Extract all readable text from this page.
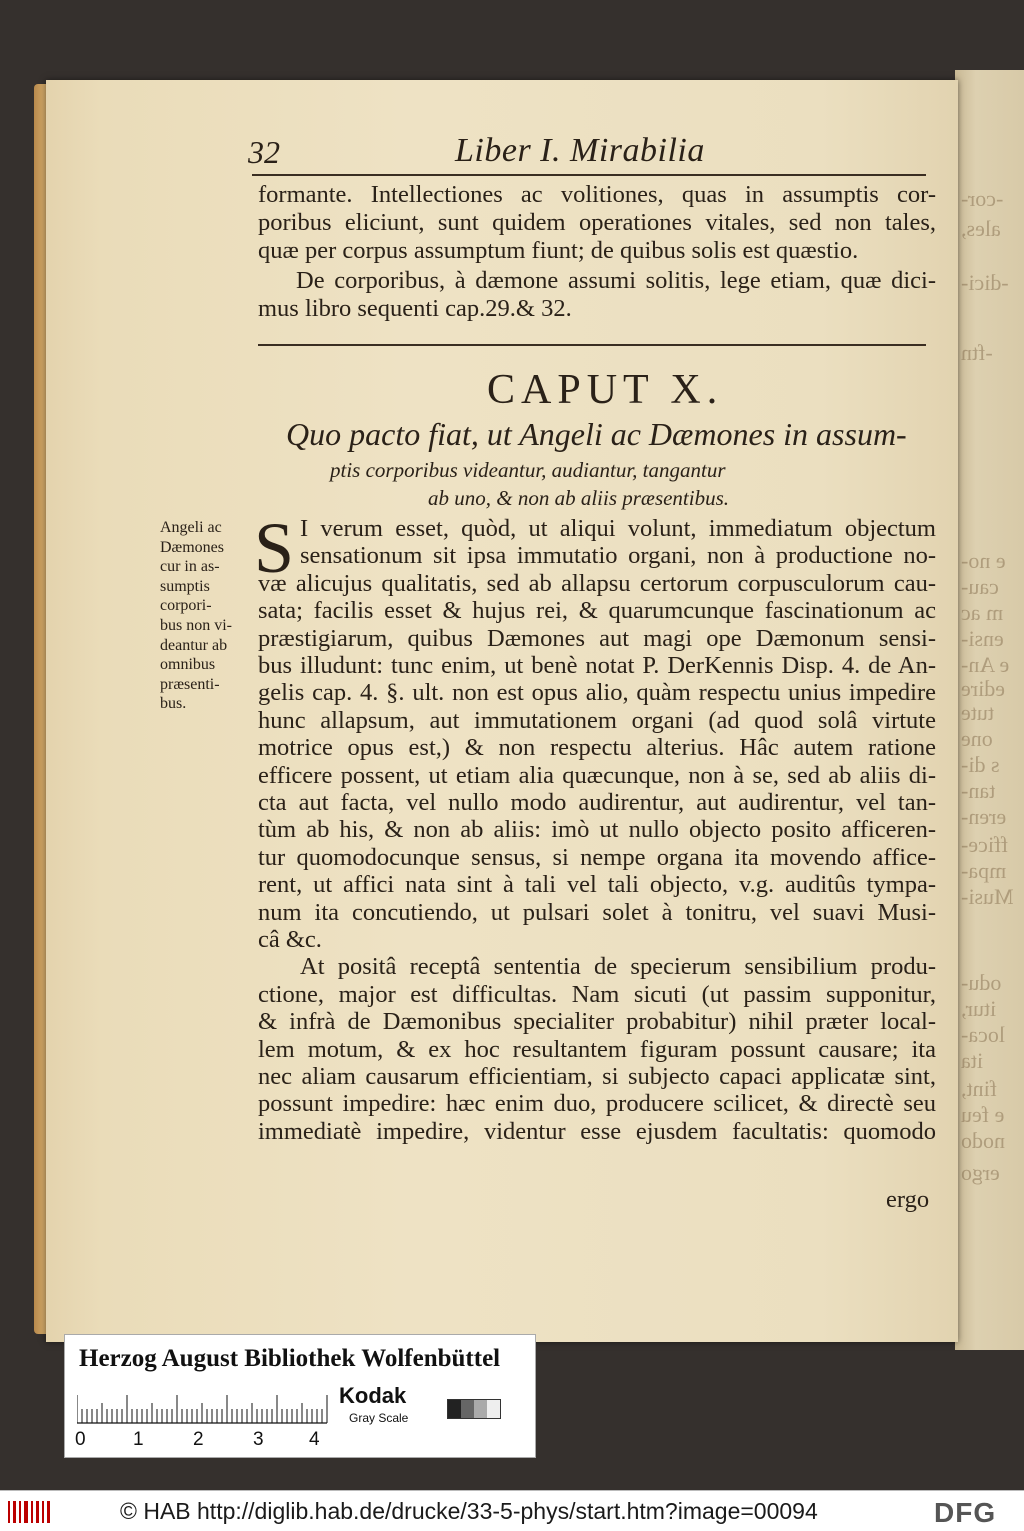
-cor-
ales,
-dici-
-ftn
e no-
cau-
m ac
ensi-
e An-
edire
tute
one
s di-
tan-
eren-
ffice-
mpa-
Musi-
odu-
itur,
loca-
ita
fint,
e feu
nodo
ergo
32	Liber I. Mirabilia
formante. Intellectiones ac volitiones, quas in assumptis cor-
poribus eliciunt, sunt quidem operationes vitales, sed non tales,
quæ per corpus assumptum fiunt; de quibus solis est quæstio.
De corporibus, à dæmone assumi solitis, lege etiam, quæ dici-
mus libro sequenti cap.29.& 32.
CAPUT X.
Quo pacto fiat, ut Angeli ac Dæmones in assum-
ptis corporibus videantur, audiantur, tangantur
ab uno, & non ab aliis præsentibus.
Angeli ac
Dæmones
cur in as-
sumptis
corpori-
bus non vi-
deantur ab
omnibus
præsenti-
bus.
S I verum esset, quòd, ut aliqui volunt, immediatum objectum
sensationum sit ipsa immutatio organi, non à productione no-
væ alicujus qualitatis, sed ab allapsu certorum corpusculorum cau-
sata; facilis esset & hujus rei, & quarumcunque fascinationum ac
præstigiarum, quibus Dæmones aut magi ope Dæmonum sensi-
bus illudunt: tunc enim, ut benè notat P. DerKennis Disp. 4. de An-
gelis cap. 4. §. ult. non est opus alio, quàm respectu unius impedire
hunc allapsum, aut immutationem organi (ad quod solâ virtute
motrice opus est,) & non respectu alterius. Hâc autem ratione
efficere possent, ut etiam alia quæcunque, non à se, sed ab aliis di-
cta aut facta, vel nullo modo audirentur, aut audirentur, vel tan-
tùm ab his, & non ab aliis: imò ut nullo objecto posito afficeren-
tur quomodocunque sensus, si nempe organa ita movendo affice-
rent, ut affici nata sint à tali vel tali objecto, v.g. auditûs tympa-
num ita concutiendo, ut pulsari solet à tonitru, vel suavi Musi-
câ &c.
At positâ receptâ sententia de specierum sensibilium produ-
ctione, major est difficultas. Nam sicuti (ut passim supponitur,
& infrà de Dæmonibus specialiter probabitur) nihil præter local-
lem motum, & ex hoc resultantem figuram possunt causare; ita
nec aliam causarum efficientiam, si subjecto capaci applicatæ sint,
possunt impedire: hæc enim duo, producere scilicet, & directè seu
immediatè impedire, videntur esse ejusdem facultatis: quomodo
ergo
Herzog August Bibliothek Wolfenbüttel
Kodak
Gray Scale
0 1	2	3 4
© HAB http://diglib.hab.de/drucke/33-5-phys/start.htm?image=00094	DFG
